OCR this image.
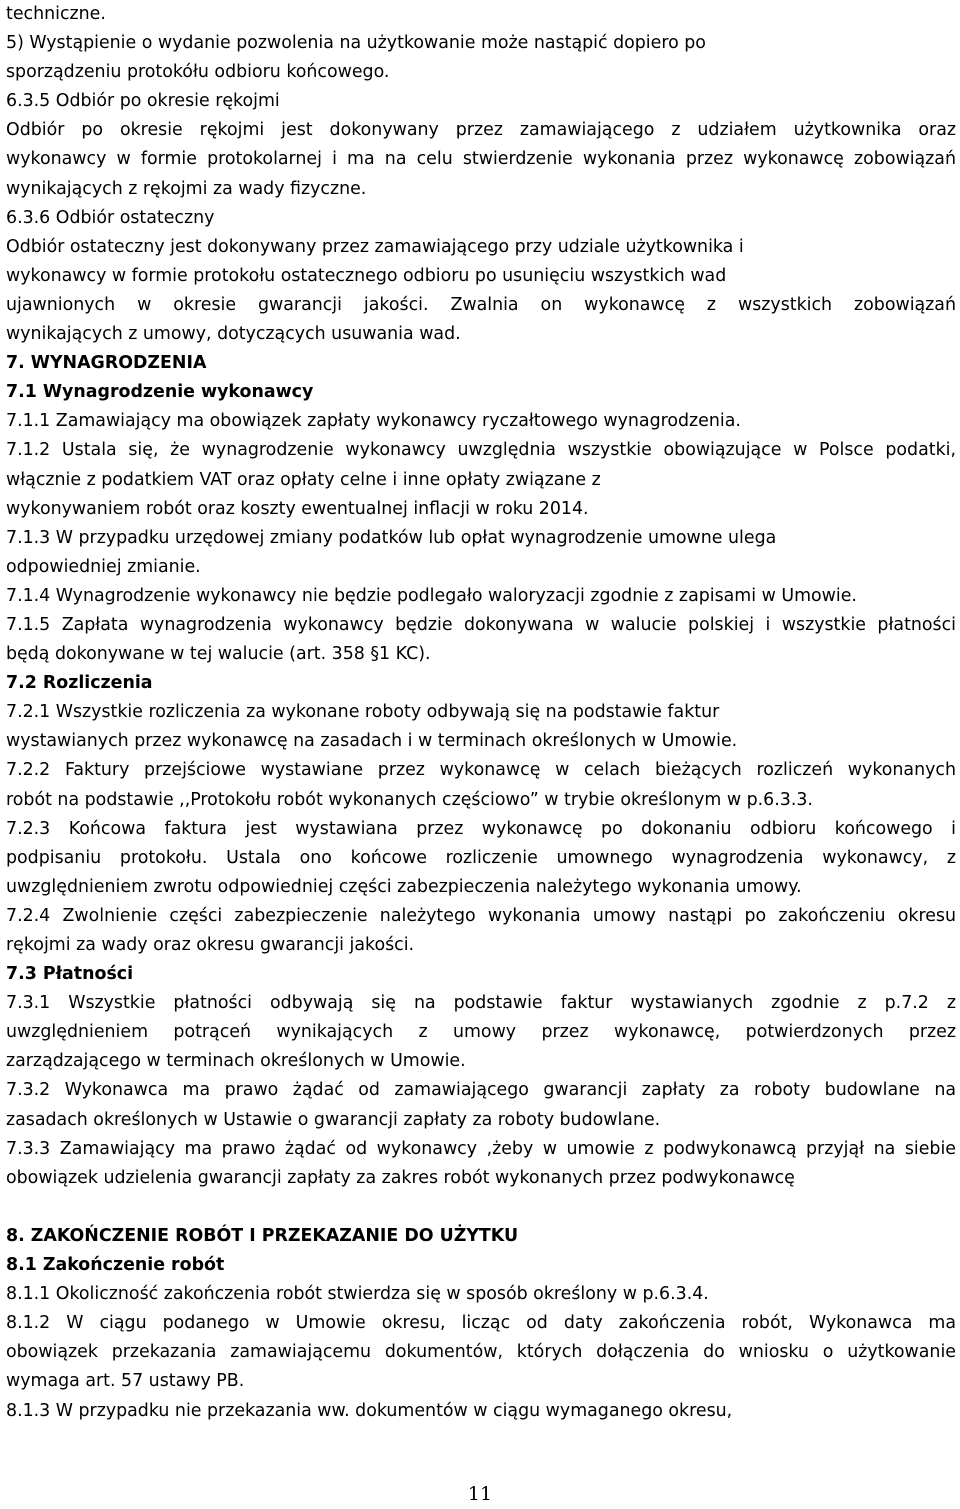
techniczne.
5) Wystąpienie o wydanie pozwolenia na użytkowanie może nastąpić dopiero po
sporządzeniu protokółu odbioru końcowego.
6.3.5 Odbiór po okresie rękojmi
Odbiór po okresie rękojmi jest dokonywany przez zamawiającego z udziałem użytkownika oraz
wykonawcy w formie protokolarnej i ma na celu stwierdzenie wykonania przez wykonawcę zobowiązań
wynikających z rękojmi za wady fizyczne.
6.3.6 Odbiór ostateczny
Odbiór ostateczny jest dokonywany przez zamawiającego przy udziale użytkownika i
wykonawcy w formie protokołu ostatecznego odbioru po usunięciu wszystkich wad
ujawnionych w okresie gwarancji jakości. Zwalnia on wykonawcę z wszystkich zobowiązań
wynikających z umowy, dotyczących usuwania wad.
7. WYNAGRODZENIA
7.1 Wynagrodzenie wykonawcy
7.1.1 Zamawiający ma obowiązek zapłaty wykonawcy ryczałtowego wynagrodzenia.
7.1.2 Ustala się, że wynagrodzenie wykonawcy uwzględnia wszystkie obowiązujące w Polsce podatki,
włącznie z podatkiem VAT oraz opłaty celne i inne opłaty związane z
wykonywaniem robót oraz koszty ewentualnej inflacji w roku 2014.
7.1.3 W przypadku urzędowej zmiany podatków lub opłat wynagrodzenie umowne ulega
odpowiedniej zmianie.
7.1.4 Wynagrodzenie wykonawcy nie będzie podlegało waloryzacji zgodnie z zapisami w Umowie.
7.1.5 Zapłata wynagrodzenia wykonawcy będzie dokonywana w walucie polskiej i wszystkie płatności
będą dokonywane w tej walucie (art. 358 §1 KC).
7.2 Rozliczenia
7.2.1 Wszystkie rozliczenia za wykonane roboty odbywają się na podstawie faktur
wystawianych przez wykonawcę na zasadach i w terminach określonych w Umowie.
7.2.2 Faktury przejściowe wystawiane przez wykonawcę w celach bieżących rozliczeń wykonanych
robót na podstawie ,,Protokołu robót wykonanych częściowo” w trybie określonym w p.6.3.3.
7.2.3 Końcowa faktura jest wystawiana przez wykonawcę po dokonaniu odbioru końcowego i
podpisaniu protokołu. Ustala ono końcowe rozliczenie umownego wynagrodzenia wykonawcy, z
uwzględnieniem zwrotu odpowiedniej części zabezpieczenia należytego wykonania umowy.
7.2.4 Zwolnienie części zabezpieczenie należytego wykonania umowy nastąpi po zakończeniu okresu
rękojmi za wady oraz okresu gwarancji jakości.
7.3 Płatności
7.3.1 Wszystkie płatności odbywają się na podstawie faktur wystawianych zgodnie z p.7.2 z
uwzględnieniem potrąceń wynikających z umowy przez wykonawcę, potwierdzonych przez
zarządzającego w terminach określonych w Umowie.
7.3.2 Wykonawca ma prawo żądać od zamawiającego gwarancji zapłaty za roboty budowlane na
zasadach określonych w Ustawie o gwarancji zapłaty za roboty budowlane.
7.3.3 Zamawiający ma prawo żądać od wykonawcy ,żeby w umowie z podwykonawcą przyjął na siebie
obowiązek udzielenia gwarancji zapłaty za zakres robót wykonanych przez podwykonawcę
8. ZAKOŃCZENIE ROBÓT I PRZEKAZANIE DO UŻYTKU
8.1 Zakończenie robót
8.1.1 Okoliczność zakończenia robót stwierdza się w sposób określony w p.6.3.4.
8.1.2 W ciągu podanego w Umowie okresu, licząc od daty zakończenia robót, Wykonawca ma
obowiązek przekazania zamawiającemu dokumentów, których dołączenia do wniosku o użytkowanie
wymaga art. 57 ustawy PB.
8.1.3 W przypadku nie przekazania ww. dokumentów w ciągu wymaganego okresu,
11
